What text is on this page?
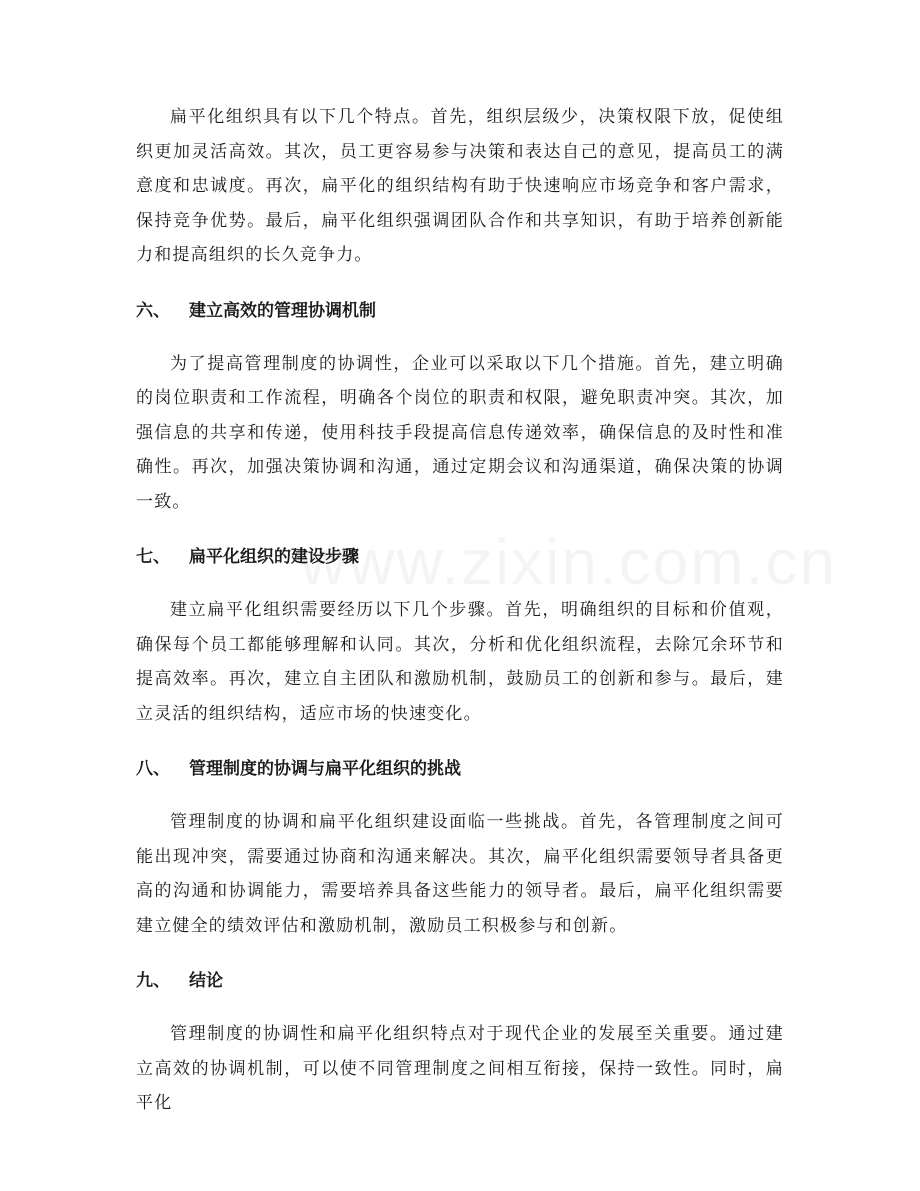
扁平化组织具有以下几个特点。首先，组织层级少，决策权限下放，促使组织更加灵活高效。其次，员工更容易参与决策和表达自己的意见，提高员工的满意度和忠诚度。再次，扁平化的组织结构有助于快速响应市场竞争和客户需求，保持竞争优势。最后，扁平化组织强调团队合作和共享知识，有助于培养创新能力和提高组织的长久竞争力。

六、	建立高效的管理协调机制

为了提高管理制度的协调性，企业可以采取以下几个措施。首先，建立明确的岗位职责和工作流程，明确各个岗位的职责和权限，避免职责冲突。其次，加强信息的共享和传递，使用科技手段提高信息传递效率，确保信息的及时性和准确性。再次，加强决策协调和沟通，通过定期会议和沟通渠道，确保决策的协调一致。

七、	扁平化组织的建设步骤

建立扁平化组织需要经历以下几个步骤。首先，明确组织的目标和价值观，确保每个员工都能够理解和认同。其次，分析和优化组织流程，去除冗余环节和提高效率。再次，建立自主团队和激励机制，鼓励员工的创新和参与。最后，建立灵活的组织结构，适应市场的快速变化。

八、	管理制度的协调与扁平化组织的挑战

管理制度的协调和扁平化组织建设面临一些挑战。首先，各管理制度之间可能出现冲突，需要通过协商和沟通来解决。其次，扁平化组织需要领导者具备更高的沟通和协调能力，需要培养具备这些能力的领导者。最后，扁平化组织需要建立健全的绩效评估和激励机制，激励员工积极参与和创新。

九、	结论

管理制度的协调性和扁平化组织特点对于现代企业的发展至关重要。通过建立高效的协调机制，可以使不同管理制度之间相互衔接，保持一致性。同时，扁平化
